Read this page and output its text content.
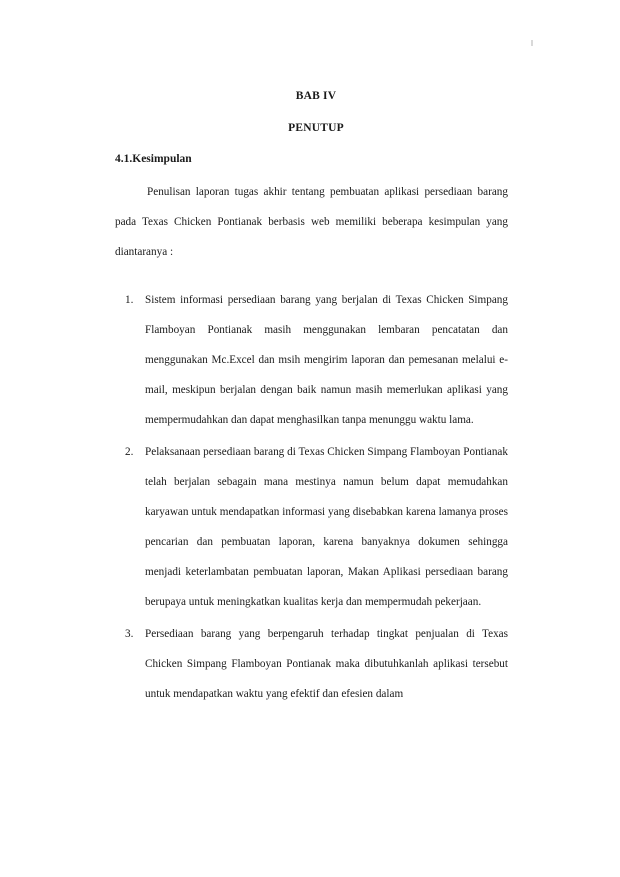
BAB IV
PENUTUP
4.1.Kesimpulan
Penulisan laporan tugas akhir tentang pembuatan aplikasi persediaan barang pada Texas Chicken Pontianak berbasis web memiliki beberapa kesimpulan yang diantaranya :
1. Sistem informasi persediaan barang yang berjalan di Texas Chicken Simpang Flamboyan Pontianak masih menggunakan lembaran pencatatan dan menggunakan Mc.Excel dan msih mengirim laporan dan pemesanan melalui e-mail, meskipun berjalan dengan baik namun masih memerlukan aplikasi yang mempermudahkan dan dapat menghasilkan tanpa menunggu waktu lama.
2. Pelaksanaan persediaan barang di Texas Chicken Simpang Flamboyan Pontianak telah berjalan sebagain mana mestinya namun belum dapat memudahkan karyawan untuk mendapatkan informasi yang disebabkan karena lamanya proses pencarian dan pembuatan laporan, karena banyaknya dokumen sehingga menjadi keterlambatan pembuatan laporan, Makan Aplikasi persediaan barang berupaya untuk meningkatkan kualitas kerja dan mempermudah pekerjaan.
3. Persediaan barang yang berpengaruh terhadap tingkat penjualan di Texas Chicken Simpang Flamboyan Pontianak maka dibutuhkanlah aplikasi tersebut untuk mendapatkan waktu yang efektif dan efesien dalam
